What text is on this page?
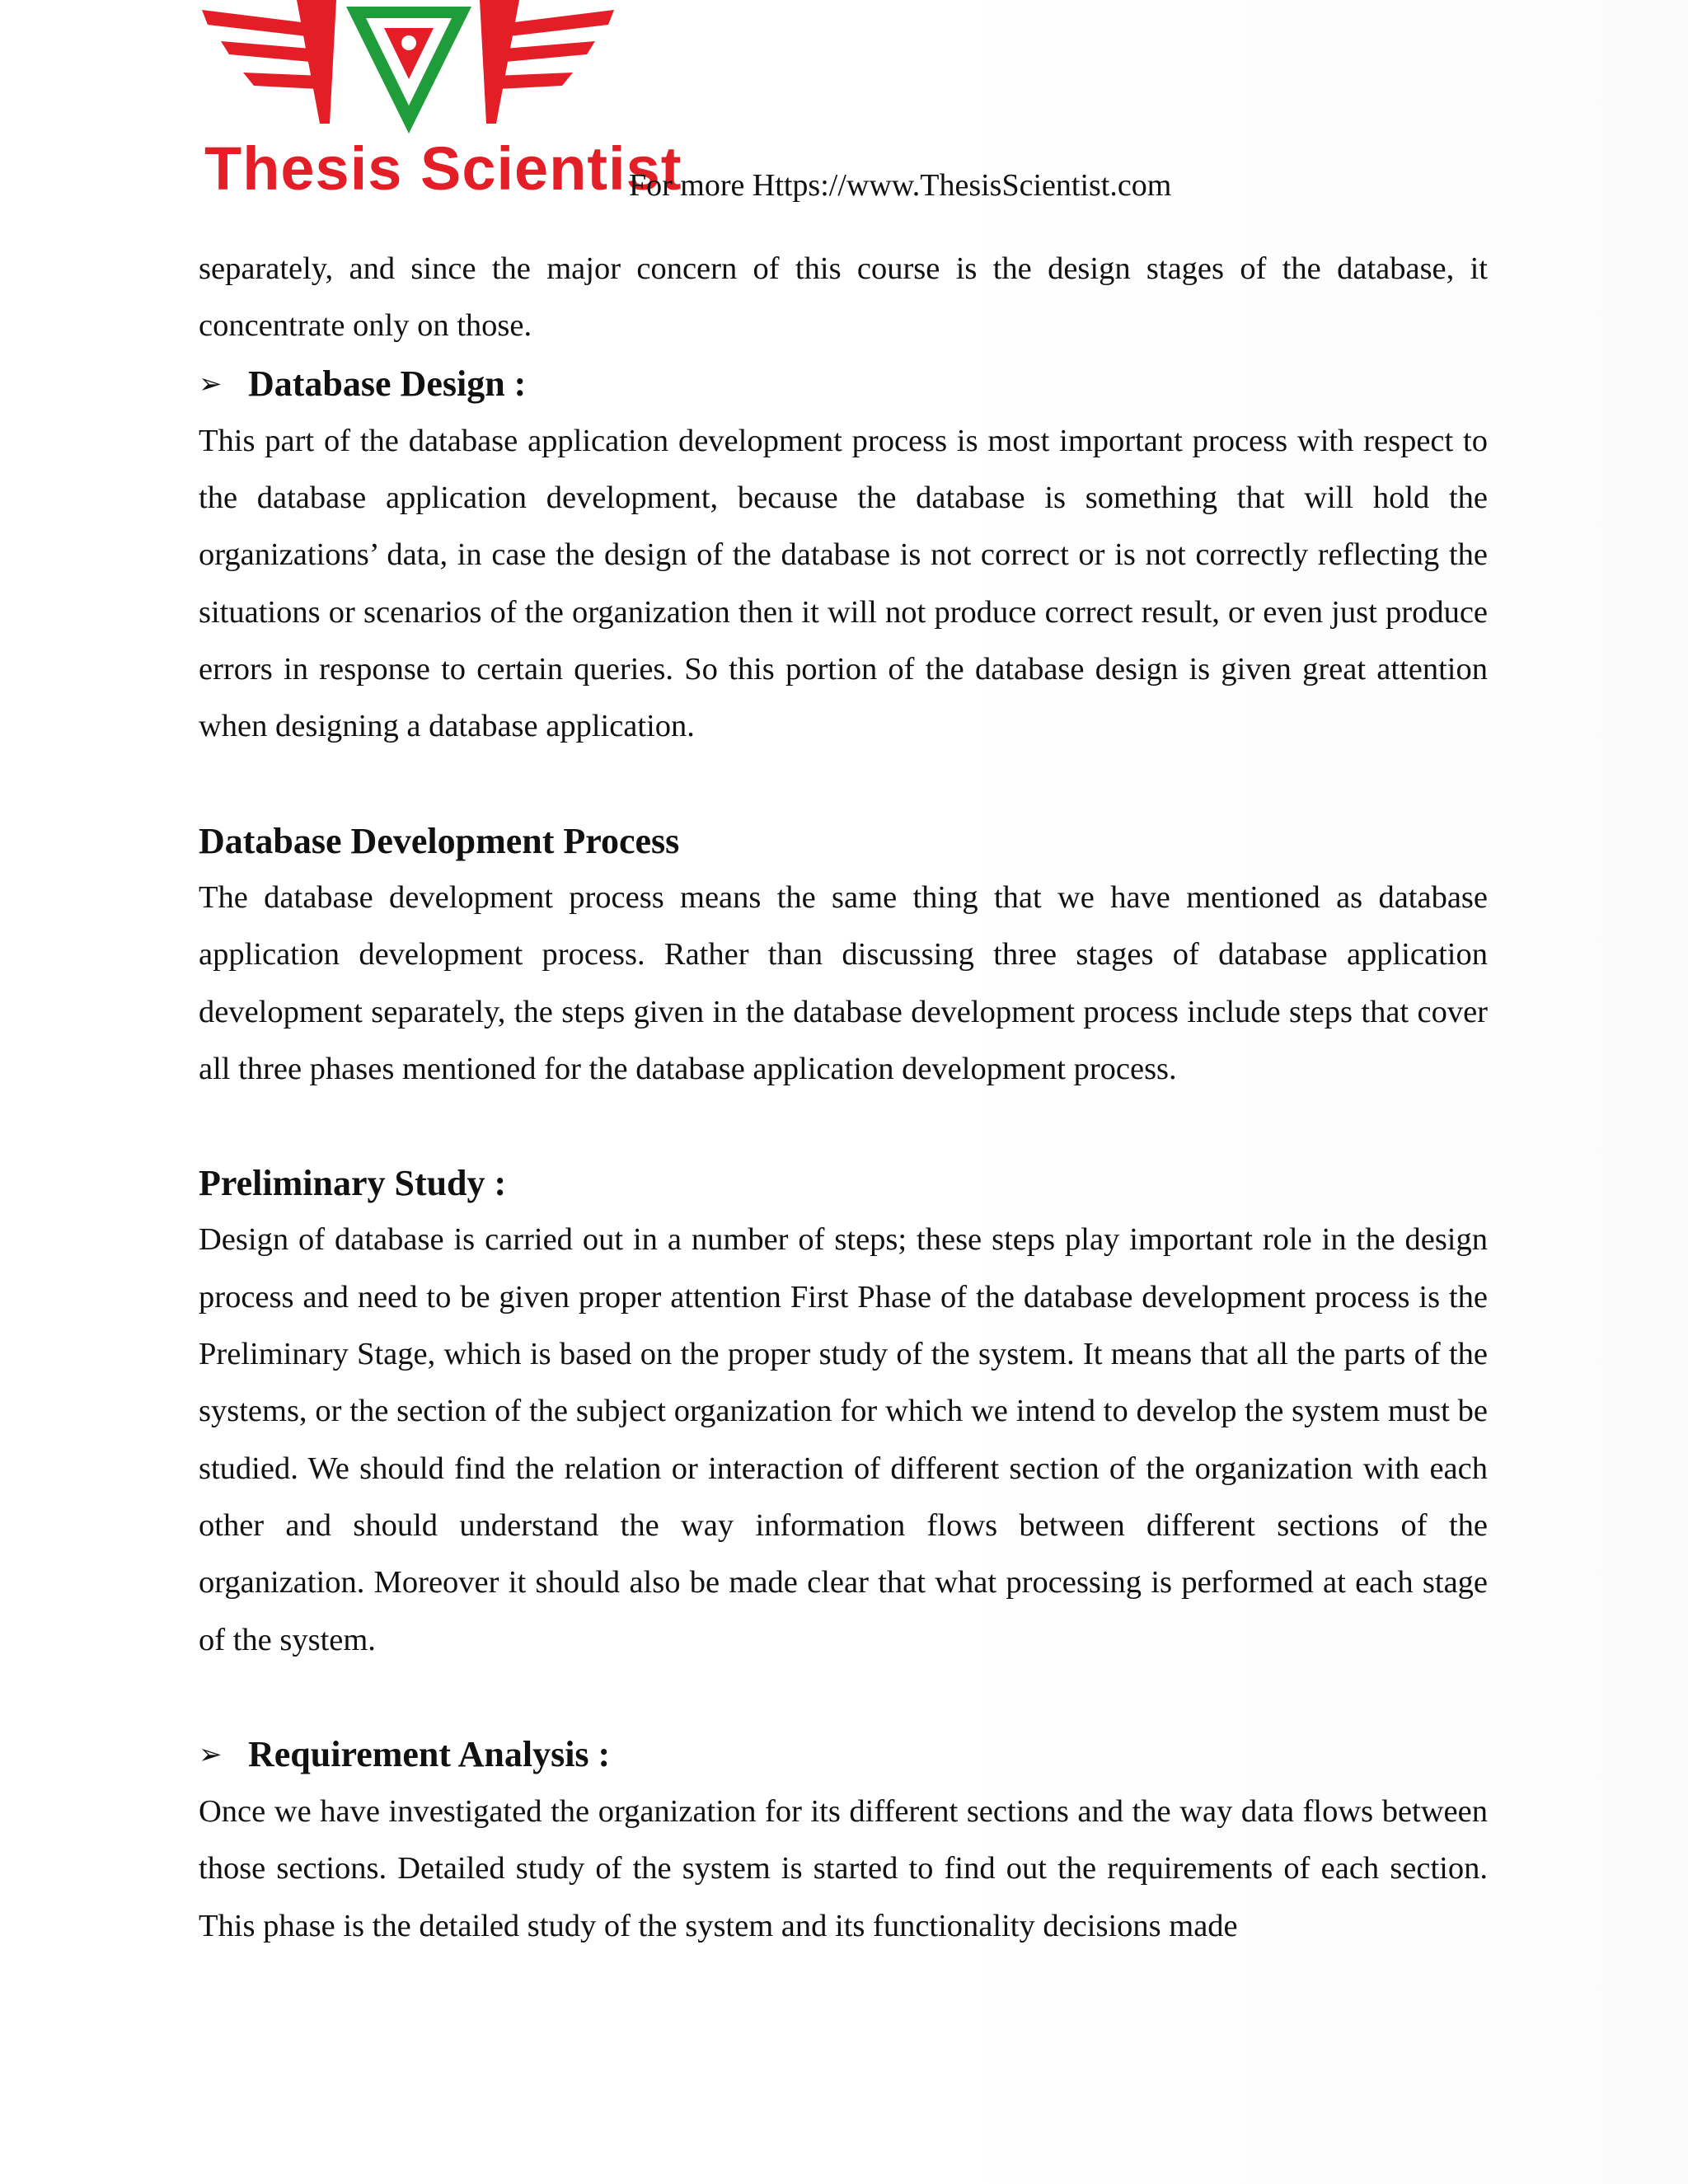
Thesis Scientist
For more Https://www.ThesisScientist.com

separately, and since the major concern of this course is the design stages of the database, it concentrate only on those.

➢ Database Design :

This part of the database application development process is most important process with respect to the database application development, because the database is something that will hold the organizations’ data, in case the design of the database is not correct or is not correctly reflecting the situations or scenarios of the organization then it will not produce correct result, or even just produce errors in response to certain queries. So this portion of the database design is given great attention when designing a database application.

Database Development Process

The database development process means the same thing that we have mentioned as database application development process. Rather than discussing three stages of database application development separately, the steps given in the database development process include steps that cover all three phases mentioned for the database application development process.

Preliminary Study :

Design of database is carried out in a number of steps; these steps play important role in the design process and need to be given proper attention First Phase of the database development process is the Preliminary Stage, which is based on the proper study of the system. It means that all the parts of the systems, or the section of the subject organization for which we intend to develop the system must be studied. We should find the relation or interaction of different section of the organization with each other and should understand the way information flows between different sections of the organization. Moreover it should also be made clear that what processing is performed at each stage of the system.

➢ Requirement Analysis :

Once we have investigated the organization for its different sections and the way data flows between those sections. Detailed study of the system is started to find out the requirements of each section. This phase is the detailed study of the system and its functionality decisions made
